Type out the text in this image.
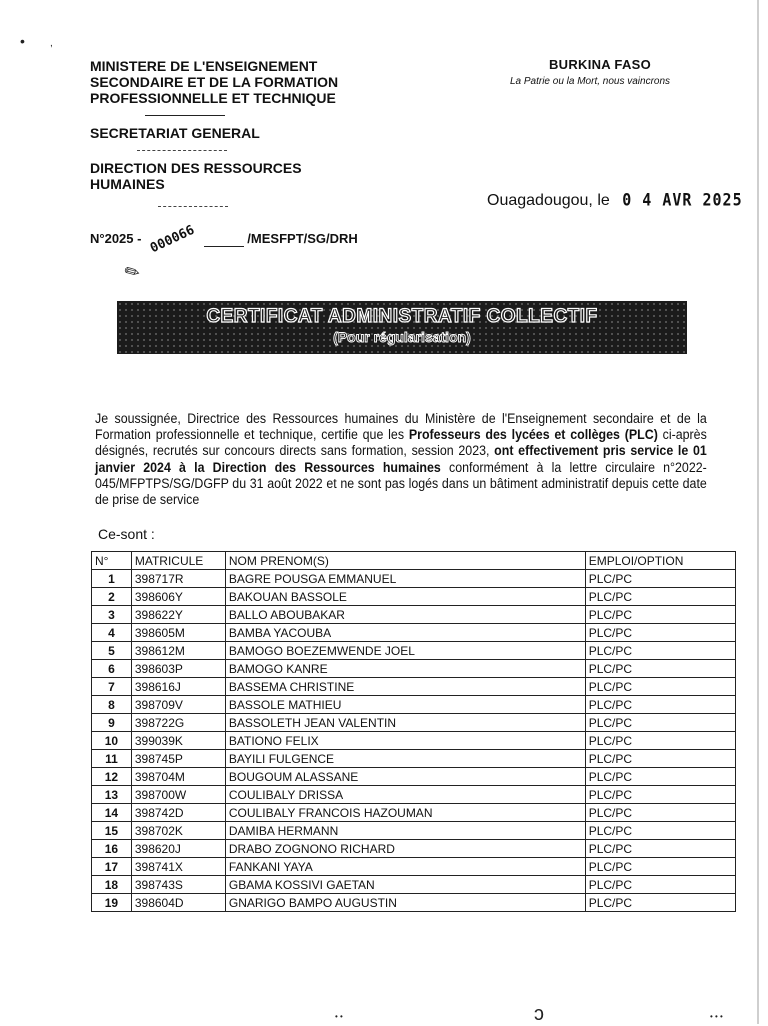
•	,
MINISTERE DE L'ENSEIGNEMENT
SECONDAIRE ET DE LA FORMATION
PROFESSIONNELLE ET TECHNIQUE
BURKINA FASO
La Patrie ou la Mort, nous vaincrons
SECRETARIAT GENERAL
DIRECTION DES RESSOURCES
HUMAINES
Ouagadougou, le 0 4 AVR 2025
N°2025 - 000066	/MESFPT/SG/DRH
✎
CERTIFICAT ADMINISTRATIF COLLECTIF
(Pour régularisation)
Je soussignée, Directrice des Ressources humaines du Ministère de l'Enseignement secondaire et de la Formation professionnelle et technique, certifie que les Professeurs des lycées et collèges (PLC) ci-après désignés, recrutés sur concours directs sans formation, session 2023, ont effectivement pris service le 01 janvier 2024 à la Direction des Ressources humaines conformément à la lettre circulaire n°2022-045/MFPTPS/SG/DGFP du 31 août 2022 et ne sont pas logés dans un bâtiment administratif depuis cette date de prise de service
Ce-sont :
N°	MATRICULE	NOM PRENOM(S)	EMPLOI/OPTION
1	398717R	BAGRE POUSGA EMMANUEL	PLC/PC
2	398606Y	BAKOUAN BASSOLE	PLC/PC
3	398622Y	BALLO ABOUBAKAR	PLC/PC
4	398605M	BAMBA YACOUBA	PLC/PC
5	398612M	BAMOGO BOEZEMWENDE JOEL	PLC/PC
6	398603P	BAMOGO KANRE	PLC/PC
7	398616J	BASSEMA CHRISTINE	PLC/PC
8	398709V	BASSOLE MATHIEU	PLC/PC
9	398722G	BASSOLETH JEAN VALENTIN	PLC/PC
10	399039K	BATIONO FELIX	PLC/PC
11	398745P	BAYILI FULGENCE	PLC/PC
12	398704M	BOUGOUM ALASSANE	PLC/PC
13	398700W	COULIBALY DRISSA	PLC/PC
14	398742D	COULIBALY FRANCOIS HAZOUMAN	PLC/PC
15	398702K	DAMIBA HERMANN	PLC/PC
16	398620J	DRABO ZOGNONO RICHARD	PLC/PC
17	398741X	FANKANI YAYA	PLC/PC
18	398743S	GBAMA KOSSIVI GAETAN	PLC/PC
19	398604D	GNARIGO BAMPO AUGUSTIN	PLC/PC
ↄ
• •	• • •
